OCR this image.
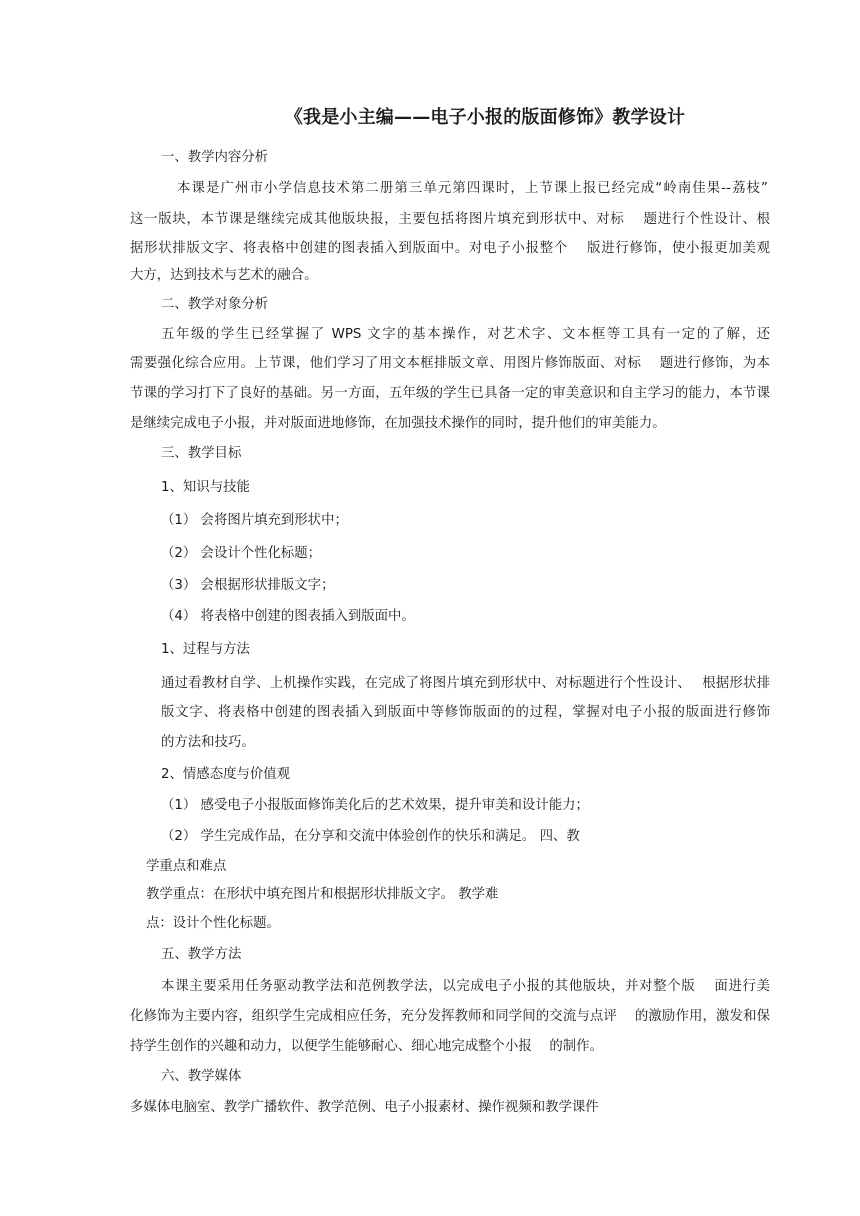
《我是小主编——电子小报的版面修饰》教学设计
一、教学内容分析
本课是广州市小学信息技术第二册第三单元第四课时，上节课上报已经完成“岭南佳果--荔枝”
这一版块，本节课是继续完成其他版块报，主要包括将图片填充到形状中、对标　 题进行个性设计、根
据形状排版文字、将表格中创建的图表插入到版面中。对电子小报整个　 版进行修饰，使小报更加美观
大方，达到技术与艺术的融合。
二、教学对象分析
五年级的学生已经掌握了 WPS 文字的基本操作，对艺术字、文本框等工具有一定的了解，还
需要强化综合应用。上节课，他们学习了用文本框排版文章、用图片修饰版面、对标　 题进行修饰，为本
节课的学习打下了良好的基础。另一方面，五年级的学生已具备一定的审美意识和自主学习的能力，本节课
是继续完成电子小报，并对版面进地修饰，在加强技术操作的同时，提升他们的审美能力。
三、教学目标
1、知识与技能
（1） 会将图片填充到形状中；
（2） 会设计个性化标题；
（3） 会根据形状排版文字；
（4） 将表格中创建的图表插入到版面中。
1、过程与方法
通过看教材自学、上机操作实践，在完成了将图片填充到形状中、对标题进行个性设计、　 根据形状排
版文字、将表格中创建的图表插入到版面中等修饰版面的的过程，掌握对电子小报的版面进行修饰
的方法和技巧。
2、情感态度与价值观
（1） 感受电子小报版面修饰美化后的艺术效果，提升审美和设计能力；
（2） 学生完成作品，在分享和交流中体验创作的快乐和满足。 四、教
学重点和难点
教学重点：在形状中填充图片和根据形状排版文字。 教学难
点：设计个性化标题。
五、教学方法
本课主要采用任务驱动教学法和范例教学法，以完成电子小报的其他版块，并对整个版　 面进行美
化修饰为主要内容，组织学生完成相应任务，充分发挥教师和同学间的交流与点评　 的激励作用，激发和保
持学生创作的兴趣和动力，以便学生能够耐心、细心地完成整个小报　 的制作。
六、教学媒体
多媒体电脑室、教学广播软件、教学范例、电子小报素材、操作视频和教学课件
